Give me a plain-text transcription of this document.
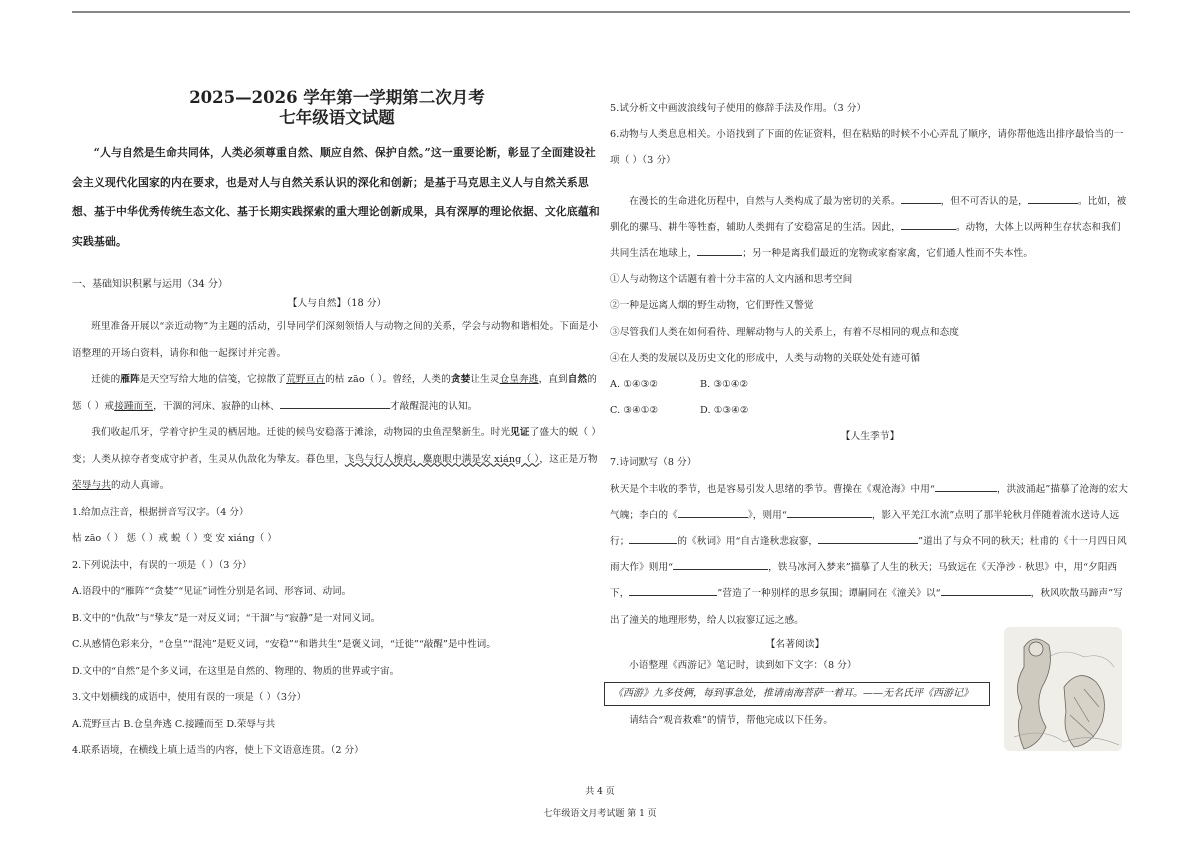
2025—2026 学年第一学期第二次月考
七年级语文试题

“人与自然是生命共同体，人类必须尊重自然、顺应自然、保护自然。”这一重要论断，彰显了全面建设社会主义现代化国家的内在要求，也是对人与自然关系认识的深化和创新；是基于马克思主义人与自然关系思想、基于中华优秀传统生态文化、基于长期实践探索的重大理论创新成果，具有深厚的理论依据、文化底蕴和实践基础。

一、基础知识积累与运用（34 分）
【人与自然】（18 分）

班里准备开展以“亲近动物”为主题的活动，引导同学们深刻领悟人与动物之间的关系，学会与动物和谐相处。下面是小语整理的开场白资料，请你和他一起探讨并完善。

迁徙的雁阵是天空写给大地的信笺，它掠散了荒野亘古的枯 zāo（ ）。曾经，人类的贪婪让生灵仓皇奔逃，直到自然的惩（ ）戒接踵而至，干涸的河床、寂静的山林、	才敲醒混沌的认知。

我们收起爪牙，学着守护生灵的栖居地。迁徙的候鸟安稳落于滩涂，动物园的虫鱼涅槃新生。时光见证了盛大的蜕（ ）变；人类从掠夺者变成守护者，生灵从仇敌化为挚友。暮色里，飞鸟与行人擦肩，麋鹿眼中满是安 xiáng（ ），这正是万物荣辱与共的动人真谛。

1.给加点注音，根据拼音写汉字。（4 分）

枯 zāo（ ） 惩（ ）戒 蜕（ ）变 安 xiáng（ ）

2.下列说法中，有误的一项是（ ）（3 分）

A.语段中的“雁阵”“贪婪”“见证”词性分别是名词、形容词、动词。

B.文中的“仇敌”与“挚友”是一对反义词；“干涸”与“寂静”是一对同义词。

C.从感情色彩来分，“仓皇”“混沌”是贬义词，“安稳”“和谐共生”是褒义词，“迁徙”“敲醒”是中性词。

D.文中的“自然”是个多义词，在这里是自然的、物理的、物质的世界或宇宙。

3.文中划横线的成语中，使用有误的一项是（ ）（3分）

A.荒野亘古 B.仓皇奔逃 C.接踵而至 D.荣辱与共

4.联系语境，在横线上填上适当的内容，使上下文语意连贯。（2 分）

5.试分析文中画波浪线句子使用的修辞手法及作用。（3 分）

6.动物与人类息息相关。小语找到了下面的佐证资料，但在粘贴的时候不小心弄乱了顺序，请你帮他选出排序最恰当的一项（ ）（3 分）

在漫长的生命进化历程中，自然与人类构成了最为密切的关系。	，但不可否认的是，	。比如，被驯化的骡马、耕牛等牲畜，辅助人类拥有了安稳富足的生活。因此，	。动物，大体上以两种生存状态和我们共同生活在地球上，	；另一种是离我们最近的宠物或家畜家禽，它们通人性而不失本性。

①人与动物这个话题有着十分丰富的人文内涵和思考空间

②一种是远离人烟的野生动物，它们野性又警觉

③尽管我们人类在如何看待、理解动物与人的关系上，有着不尽相同的观点和态度

④在人类的发展以及历史文化的形成中，人类与动物的关联处处有迹可循

A. ①④③②	B. ③①④②

C. ③④①②	D. ①③④②

【人生季节】

7.诗词默写（8 分）

秋天是个丰收的季节，也是容易引发人思绪的季节。曹操在《观沧海》中用“	，洪波涌起”描摹了沧海的宏大气魄；李白的《	》，则用“	，影入平羌江水流”点明了那半轮秋月伴随着流水送诗人远行；	的《秋词》用“自古逢秋悲寂寥，	”道出了与众不同的秋天；杜甫的《十一月四日风雨大作》则用“	，铁马冰河入梦来”描摹了人生的秋天；马致远在《天净沙 · 秋思》中，用“夕阳西下，	”营造了一种别样的思乡氛围；谭嗣同在《潼关》以“	，秋风吹散马蹄声”写出了潼关的地理形势，给人以寂寥辽远之感。

【名著阅读】

小语整理《西游记》笔记时，读到如下文字：（8 分）

《西游》九多伎俩，每到事急处，推请南海菩萨一着耳。——无名氏评《西游记》

请结合“观音救难”的情节，帮他完成以下任务。

共 4 页
七年级语文月考试题 第 1 页
